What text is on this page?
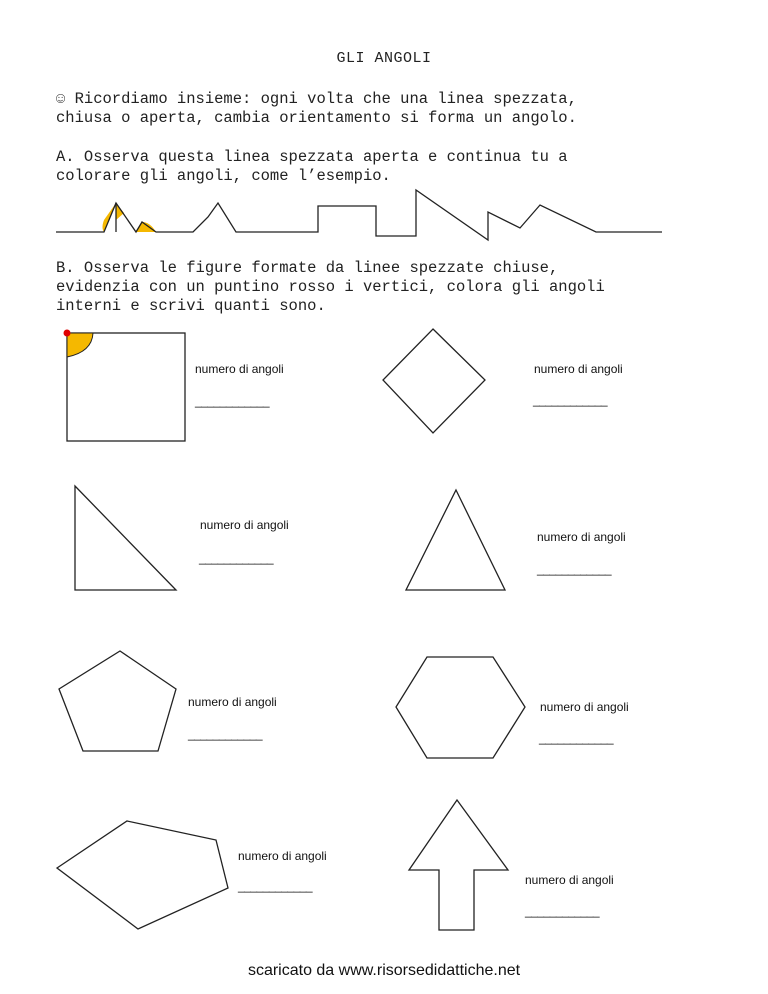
GLI ANGOLI
☺ Ricordiamo insieme: ogni volta che una linea spezzata,
chiusa o aperta, cambia orientamento si forma un angolo.
A. Osserva questa linea spezzata aperta e continua tu a
colorare gli angoli, come l’esempio.
B. Osserva le figure formate da linee spezzate chiuse,
evidenzia con un puntino rosso i vertici, colora gli angoli
interni e scrivi quanti sono.
numero di angoli
____________
numero di angoli
____________
numero di angoli
____________
numero di angoli
____________
numero di angoli
____________
numero di angoli
____________
numero di angoli
____________	numero di angoli
____________
scaricato da www.risorsedidattiche.net
